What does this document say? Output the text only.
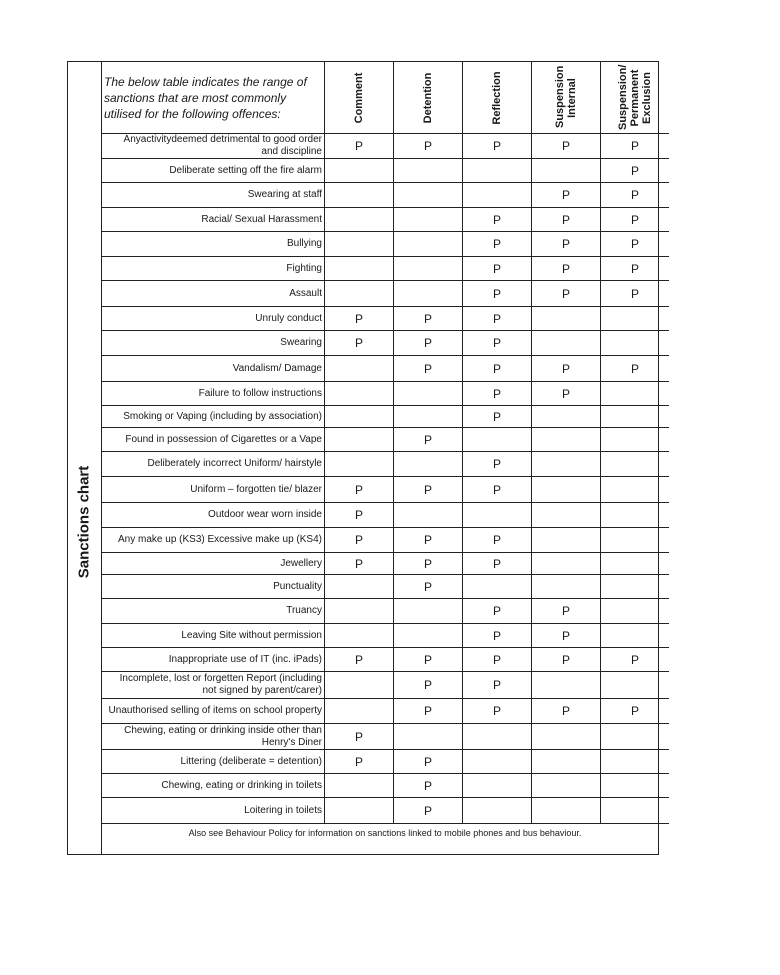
Sanctions chart
The below table indicates the range of sanctions that are most commonly utilised for the following offences:	Comment	Detention	Reflection	Suspension Internal	Suspension/ Permanent Exclusion

Anyactivitydeemed detrimental to good order and discipline	P	P	P	P	P
Deliberate setting off the fire alarm					P
Swearing at staff				P	P
Racial/ Sexual Harassment			P	P	P
Bullying			P	P	P
Fighting			P	P	P
Assault			P	P	P
Unruly conduct	P	P	P		
Swearing	P	P	P		
Vandalism/ Damage		P	P	P	P
Failure to follow instructions			P	P	
Smoking or Vaping (including by association)			P		
Found in possession of Cigarettes or a Vape		P			
Deliberately incorrect Uniform/ hairstyle			P		
Uniform – forgotten tie/ blazer	P	P	P		
Outdoor wear worn inside	P				
Any make up (KS3) Excessive make up (KS4)	P	P	P		
Jewellery	P	P	P		
Punctuality		P			
Truancy			P	P	
Leaving Site without permission			P	P	
Inappropriate use of IT (inc. iPads)	P	P	P	P	P
Incomplete, lost or forgetten Report (including not signed by parent/carer)		P	P		
Unauthorised selling of items on school property		P	P	P	P
Chewing, eating or drinking inside other than Henry's Diner	P				
Littering (deliberate = detention)	P	P			
Chewing, eating or drinking in toilets		P			
Loitering in toilets		P			
Also see Behaviour Policy for information on sanctions linked to mobile phones and bus behaviour.					
